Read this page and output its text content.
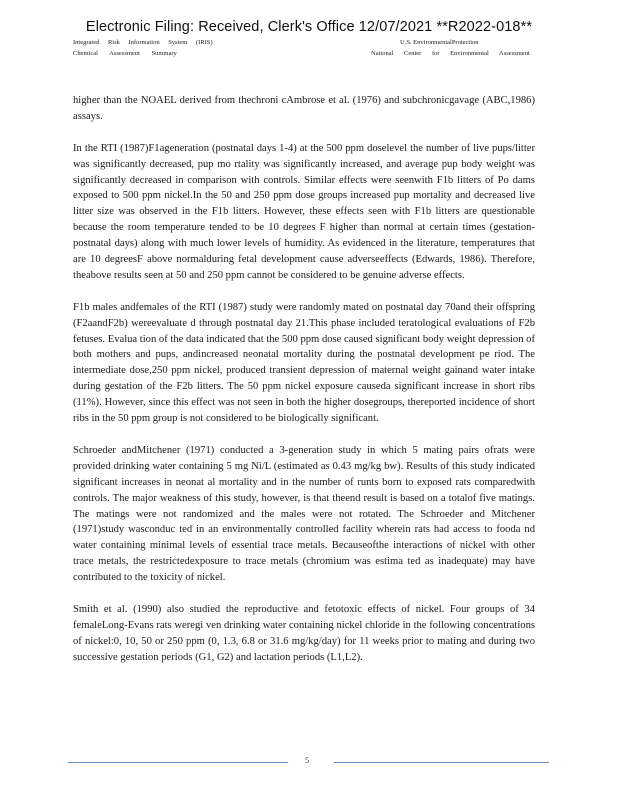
Electronic Filing: Received, Clerk's Office 12/07/2021 **R2022-018**
Integrated Risk Information System (IRIS)
Chemical Assessment Summary
U.S. EnvironmentalProtection
National Center for Environmental Assessment

higher than the NOAEL derived from thechroni cAmbrose et al. (1976) and subchronicgavage (ABC,1986) assays.

In the RTI (1987)F1ageneration (postnatal days 1-4) at the 500 ppm doselevel the number of live pups/litter was significantly decreased, pup mo rtality was significantly increased, and average pup body weight was significantly decreased in comparison with controls. Similar effects were seenwith F1b litters of Po dams exposed to 500 ppm nickel.In the 50 and 250 ppm dose groups increased pup mortality and decreased live litter size was observed in the F1b litters. However, these effects seen with F1b litters are questionable because the room temperature tended to be 10 degrees F higher than normal at certain times (gestation-postnatal days) along with much lower levels of humidity. As evidenced in the literature, temperatures that are 10 degreesF above normalduring fetal development cause adverseeffects (Edwards, 1986). Therefore, theabove results seen at 50 and 250 ppm cannot be considered to be genuine adverse effects.

F1b males andfemales of the RTI (1987) study were randomly mated on postnatal day 70and their offspring (F2aandF2b) wereevaluate d through postnatal day 21.This phase included teratological evaluations of F2b fetuses. Evalua tion of the data indicated that the 500 ppm dose caused significant body weight depression of both mothers and pups, andincreased neonatal mortality during the postnatal development pe riod. The intermediate dose,250 ppm nickel, produced transient depression of maternal weight gainand water intake during gestation of the F2b litters. The 50 ppm nickel exposure causeda significant increase in short ribs (11%). However, since this effect was not seen in both the higher dosegroups, thereported incidence of short ribs in the 50 ppm group is not considered to be biologically significant.

Schroeder andMitchener (1971) conducted a 3-generation study in which 5 mating pairs ofrats were provided drinking water containing 5 mg Ni/L (estimated as 0.43 mg/kg bw). Results of this study indicated significant increases in neonat al mortality and in the number of runts born to exposed rats comparedwith controls. The major weakness of this study, however, is that theend result is based on a totalof five matings. The matings were not randomized and the males were not rotated. The Schroeder and Mitchener (1971)study wasconduc ted in an environmentally controlled facility wherein rats had access to fooda nd water containing minimal levels of essential trace metals. Becauseofthe interactions of nickel with other trace metals, the restrictedexposure to trace metals (chromium was estima ted as inadequate) may have contributed to the toxicity of nickel.

Smith et al. (1990) also studied the reproductive and fetotoxic effects of nickel. Four groups of 34 femaleLong-Evans rats weregi ven drinking water containing nickel chloride in the following concentrations of nickel:0, 10, 50 or 250 ppm (0, 1.3, 6.8 or 31.6 mg/kg/day) for 11 weeks prior to mating and during two successive gestation periods (G1, G2) and lactation periods (L1,L2).

5
